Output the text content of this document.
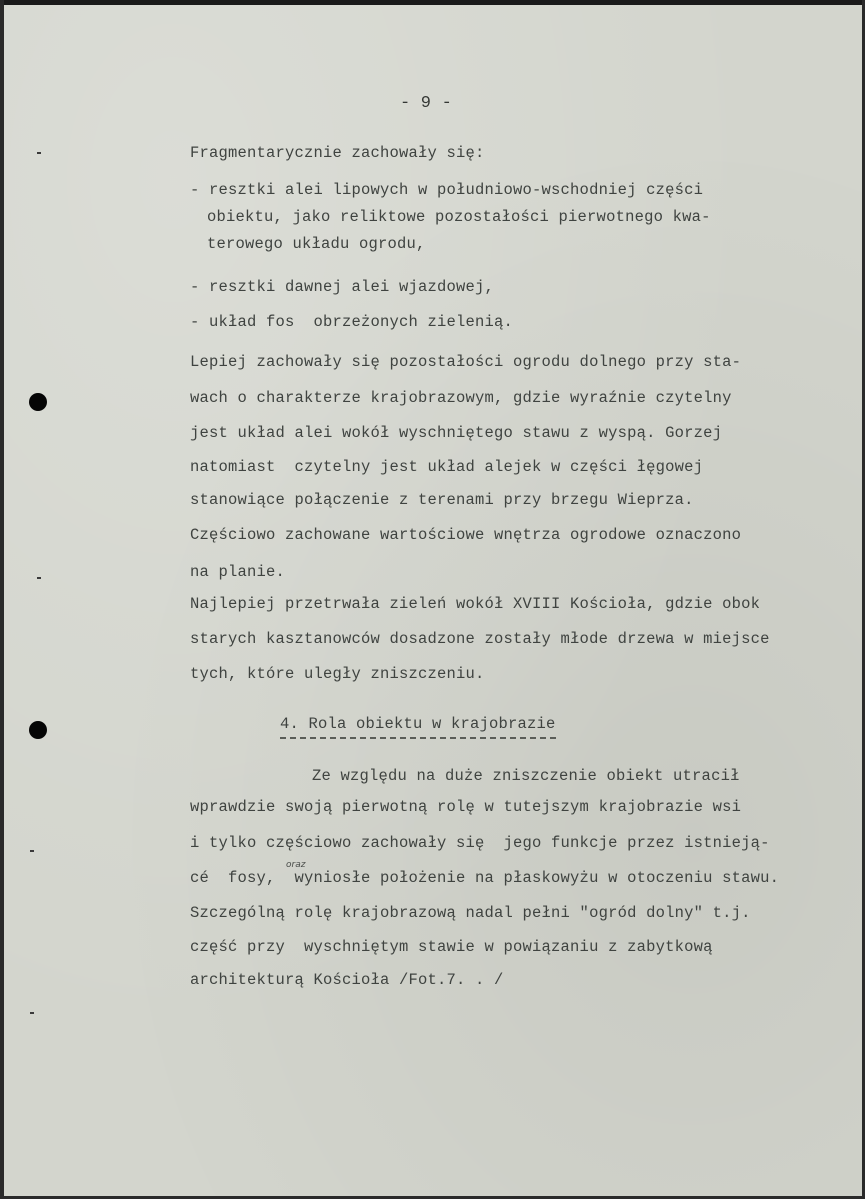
- 9 -

Fragmentarycznie zachowały się:

- resztki alei lipowych w południowo-wschodniej części

obiektu, jako reliktowe pozostałości pierwotnego kwa-

terowego układu ogrodu,

- resztki dawnej alei wjazdowej,

- układ fos  obrzeżonych zielenią.

Lepiej zachowały się pozostałości ogrodu dolnego przy sta-

wach o charakterze krajobrazowym, gdzie wyraźnie czytelny

jest układ alei wokół wyschniętego stawu z wyspą. Gorzej

natomiast  czytelny jest układ alejek w części łęgowej

stanowiące połączenie z terenami przy brzegu Wieprza.

Częściowo zachowane wartościowe wnętrza ogrodowe oznaczono

na planie.

Najlepiej przetrwała zieleń wokół XVIII Kościoła, gdzie obok

starych kasztanowców dosadzone zostały młode drzewa w miejsce

tych, które uległy zniszczeniu.

4. Rola obiektu w krajobrazie

Ze względu na duże zniszczenie obiekt utracił

wprawdzie swoją pierwotną rolę w tutejszym krajobrazie wsi

i tylko częściowo zachowały się  jego funkcje przez istnieją-

cé  fosy,  wyniosłe położenie na płaskowyżu w otoczeniu stawu.

Szczególną rolę krajobrazową nadal pełni "ogród dolny" t.j.

część przy  wyschniętym stawie w powiązaniu z zabytkową

architekturą Kościoła /Fot.7. . /

oraz
